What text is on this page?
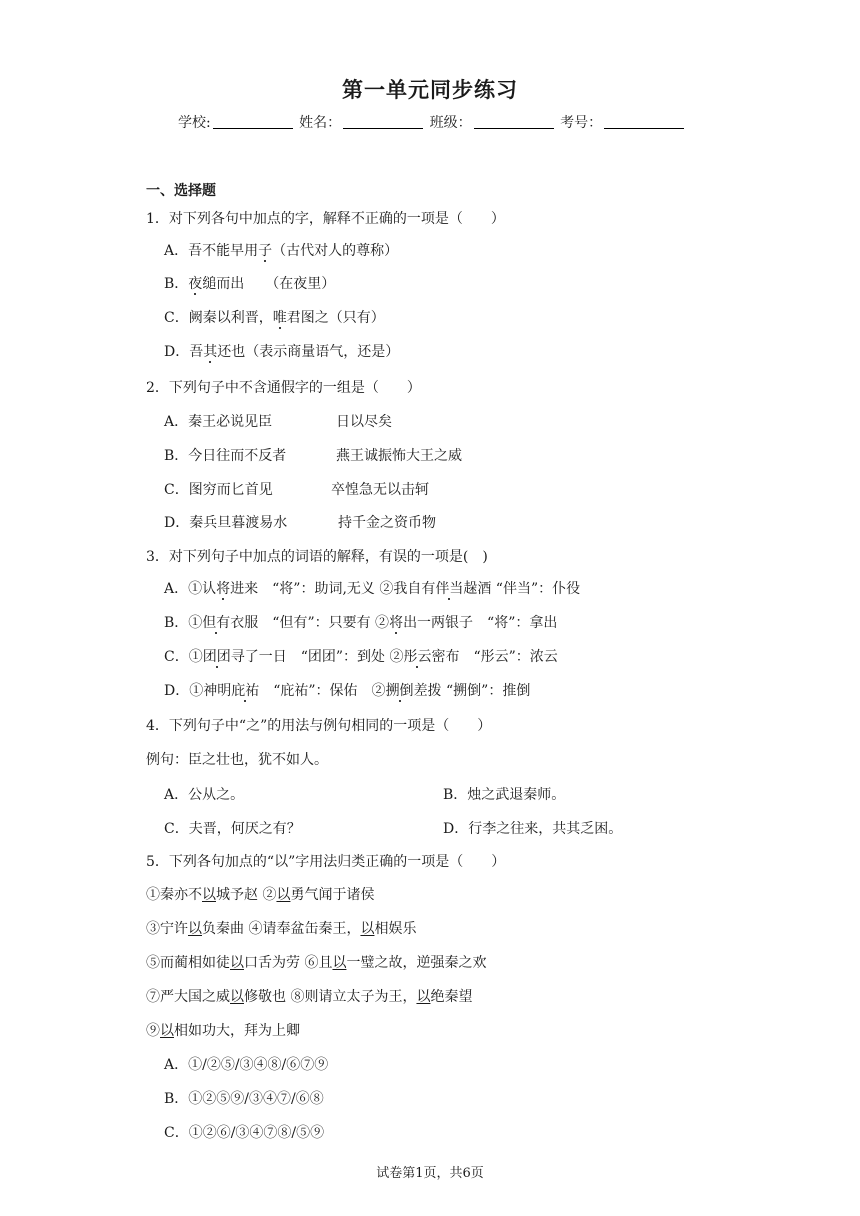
第一单元同步练习
学校:	姓名：	班级：	考号：
一、选择题
1．对下列各句中加点的字，解释不正确的一项是（　　）
A．吾不能早用子（古代对人的尊称）
B．夜缒而出　　（在夜里）
C．阙秦以利晋，唯君图之（只有）
D．吾其还也（表示商量语气，还是）
2．下列句子中不含通假字的一组是（　　）
A．秦王必说见臣	日以尽矣
B．今日往而不反者	燕王诚振怖大王之威
C．图穷而匕首见	卒惶急无以击轲
D．秦兵旦暮渡易水	持千金之资币物
3．对下列句子中加点的词语的解释，有误的一项是(　)
A．①认将进来　“将”：助词,无义 ②我自有伴当趓酒 “伴当”：仆役
B．①但有衣服　“但有”：只要有 ②将出一两银子　“将”：拿出
C．①团团寻了一日　“团团”：到处 ②彤云密布　“彤云”：浓云
D．①神明庇祐　“庇祐”：保佑　②搠倒差拨 “搠倒”：推倒
4．下列句子中“之”的用法与例句相同的一项是（　　）
例句：臣之壮也，犹不如人。
A．公从之。	B．烛之武退秦师。
C．夫晋，何厌之有？	D．行李之往来，共其乏困。
5．下列各句加点的“以”字用法归类正确的一项是（　　）
①秦亦不以城予赵 ②以勇气闻于诸侯
③宁许以负秦曲 ④请奉盆缶秦王，以相娱乐
⑤而蔺相如徒以口舌为劳 ⑥且以一璧之故，逆强秦之欢
⑦严大国之威以修敬也 ⑧则请立太子为王，以绝秦望
⑨以相如功大，拜为上卿
A．①/②⑤/③④⑧/⑥⑦⑨
B．①②⑤⑨/③④⑦/⑥⑧
C．①②⑥/③④⑦⑧/⑤⑨
试卷第1页，共6页
